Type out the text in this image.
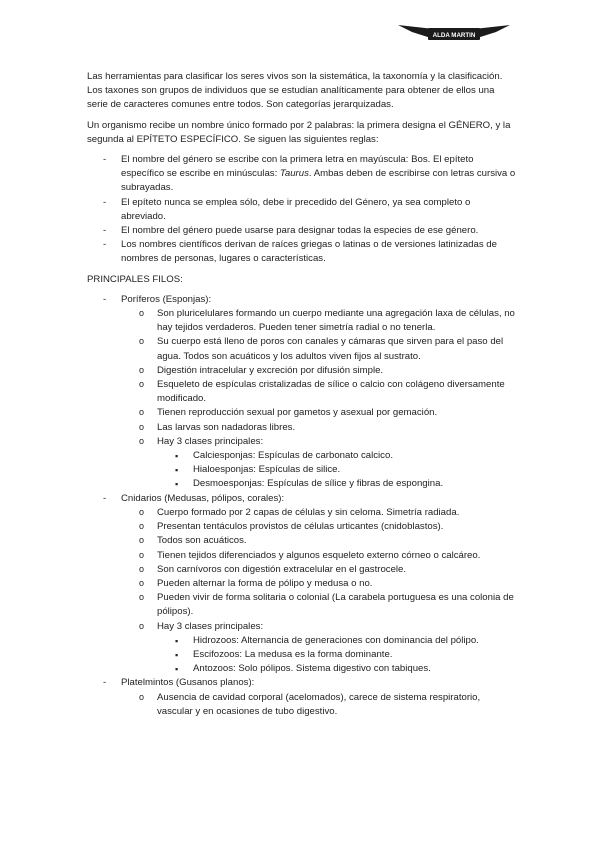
ALDA MARTIN

Las herramientas para clasificar los seres vivos son la sistemática, la taxonomía y la clasificación. Los taxones son grupos de individuos que se estudian analíticamente para obtener de ellos una serie de caracteres comunes entre todos. Son categorías jerarquizadas.

Un organismo recibe un nombre único formado por 2 palabras: la primera designa el GÉNERO, y la segunda al EPÍTETO ESPECÍFICO. Se siguen las siguientes reglas:

- El nombre del género se escribe con la primera letra en mayúscula: Bos. El epíteto específico se escribe en minúsculas: Taurus. Ambas deben de escribirse con letras cursiva o subrayadas.
- El epíteto nunca se emplea sólo, debe ir precedido del Género, ya sea completo o abreviado.
- El nombre del género puede usarse para designar todas la especies de ese género.
- Los nombres científicos derivan de raíces griegas o latinas o de versiones latinizadas de nombres de personas, lugares o características.

PRINCIPALES FILOS:

- Poríferos (Esponjas):
o Son pluricelulares formando un cuerpo mediante una agregación laxa de células, no hay tejidos verdaderos. Pueden tener simetría radial o no tenerla.
o Su cuerpo está lleno de poros con canales y cámaras que sirven para el paso del agua. Todos son acuáticos y los adultos viven fijos al sustrato.
o Digestión intracelular y excreción por difusión simple.
o Esqueleto de espículas cristalizadas de sílice o calcio con colágeno diversamente modificado.
o Tienen reproducción sexual por gametos y asexual por gemación.
o Las larvas son nadadoras libres.
o Hay 3 clases principales:
▪ Calciesponjas: Espículas de carbonato calcico.
▪ Hialoesponjas: Espículas de silice.
▪ Desmoesponjas: Espículas de sílice y fibras de espongina.
- Cnidarios (Medusas, pólipos, corales):
o Cuerpo formado por 2 capas de células y sin celoma. Simetría radiada.
o Presentan tentáculos provistos de células urticantes (cnidoblastos).
o Todos son acuáticos.
o Tienen tejidos diferenciados y algunos esqueleto externo córneo o calcáreo.
o Son carnívoros con digestión extracelular en el gastrocele.
o Pueden alternar la forma de pólipo y medusa o no.
o Pueden vivir de forma solitaria o colonial (La carabela portuguesa es una colonia de pólipos).
o Hay 3 clases principales:
▪ Hidrozoos: Alternancia de generaciones con dominancia del pólipo.
▪ Escifozoos: La medusa es la forma dominante.
▪ Antozoos: Solo pólipos. Sistema digestivo con tabiques.
- Platelmintos (Gusanos planos):
o Ausencia de cavidad corporal (acelomados), carece de sistema respiratorio, vascular y en ocasiones de tubo digestivo.
